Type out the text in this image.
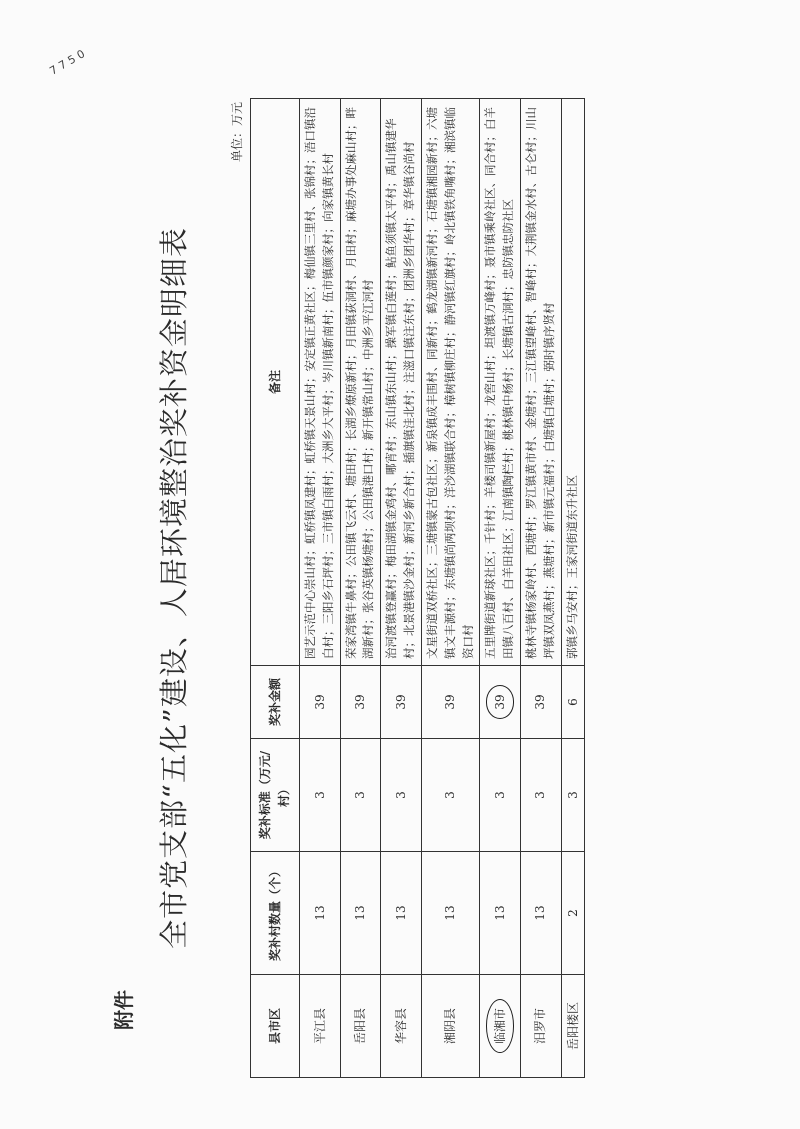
7 7 5 0
附件
全市党支部“五化”建设、人居环境整治奖补资金明细表
单位：万元
县市区	奖补村数量（个）	奖补标准（万元/村）	奖补金额	备注
平江县	13	3	39	园艺示范中心崇山村；虹桥镇凤建村；虹桥镇天景山村；安定镇正黄社区；梅仙镇三里村、张锦村；浯口镇沿白村；三阳乡石坪村；三市镇白雨村；大洲乡大平村；岑川镇新南村；伍市镇颜家村；向家镇黄长村
岳阳县	13	3	39	荣家湾镇牛鼻村；公田镇飞云村、塘田村；长湖乡燎原新村；月田镇荻洞村、月田村；麻塘办事处麻山村；畔湖新村；张谷英镇杨塘村；公田镇港口村；新开镇常山村；中洲乡平江河村
华容县	13	3	39	治河渡镇登赢村；梅田湖镇金鸡村、哪宵村；东山镇东山村；操军镇白莲村；鲇鱼须镇太平村；禹山镇建华村；北景港镇沙金村；新河乡新合村；插旗镇洼北村；注滋口镇注东村；团洲乡团华村；章华镇谷尚村
湘阴县	13	3	39	文星街道双桥社区；三塘镇蒙古包社区；新泉镇成丰围村、同新村；鹤龙湖镇新河村；石塘镇湘园新村；六塘镇文丰源村；东塘镇尚两坝村；洋沙湖镇联合村；樟树镇柳庄村；静河镇红旗村；岭北镇铁角嘴村；湘滨镇临资口村
临湘市	13	3	39	五里牌街道新球社区；千针村；羊楼司镇新屋村；龙窖山村；坦渡镇万峰村；聂市镇乘岭社区、同合村；白羊田镇八百村、白羊田社区；江南镇陶栏村；桃林镇中杨村；长塘镇古洞村；忠防镇忠防社区
汨罗市	13	3	39	桃林寺镇杨家岭村、西塘村；罗江镇黄市村、金塘村；三江镇望峰村、智峰村；大荆镇金水村、古仑村；川山坪镇双凤燕村；燕塘村；新市镇元福村；白塘镇白塘村；弼时镇序贤村
岳阳楼区	2	3	6	郭镇乡马安村；王家河街道东升社区
